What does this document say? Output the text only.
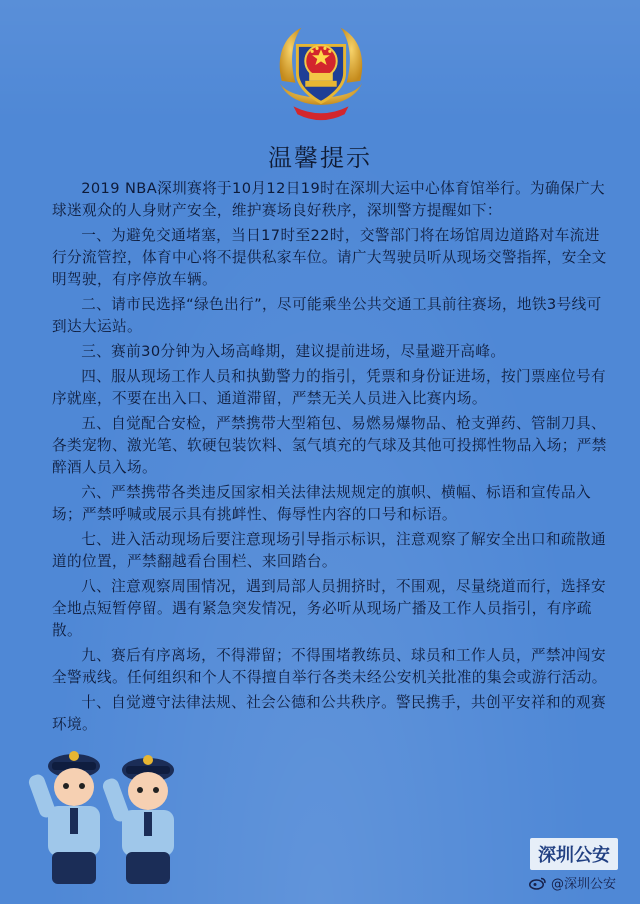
温馨提示

2019 NBA深圳赛将于10月12日19时在深圳大运中心体育馆举行。为确保广大球迷观众的人身财产安全，维护赛场良好秩序，深圳警方提醒如下：

一、为避免交通堵塞，当日17时至22时，交警部门将在场馆周边道路对车流进行分流管控，体育中心将不提供私家车位。请广大驾驶员听从现场交警指挥，安全文明驾驶，有序停放车辆。

二、请市民选择“绿色出行”，尽可能乘坐公共交通工具前往赛场，地铁3号线可到达大运站。

三、赛前30分钟为入场高峰期，建议提前进场，尽量避开高峰。

四、服从现场工作人员和执勤警力的指引，凭票和身份证进场，按门票座位号有序就座，不要在出入口、通道滞留，严禁无关人员进入比赛内场。

五、自觉配合安检，严禁携带大型箱包、易燃易爆物品、枪支弹药、管制刀具、各类宠物、激光笔、软硬包装饮料、氢气填充的气球及其他可投掷性物品入场；严禁醉酒人员入场。

六、严禁携带各类违反国家相关法律法规规定的旗帜、横幅、标语和宣传品入场；严禁呼喊或展示具有挑衅性、侮辱性内容的口号和标语。

七、进入活动现场后要注意现场引导指示标识，注意观察了解安全出口和疏散通道的位置，严禁翻越看台围栏、来回踏台。

八、注意观察周围情况，遇到局部人员拥挤时，不围观，尽量绕道而行，选择安全地点短暂停留。遇有紧急突发情况，务必听从现场广播及工作人员指引，有序疏散。

九、赛后有序离场，不得滞留；不得围堵教练员、球员和工作人员，严禁冲闯安全警戒线。任何组织和个人不得擅自举行各类未经公安机关批准的集会或游行活动。

十、自觉遵守法律法规、社会公德和公共秩序。警民携手，共创平安祥和的观赛环境。

深圳公安
@深圳公安
